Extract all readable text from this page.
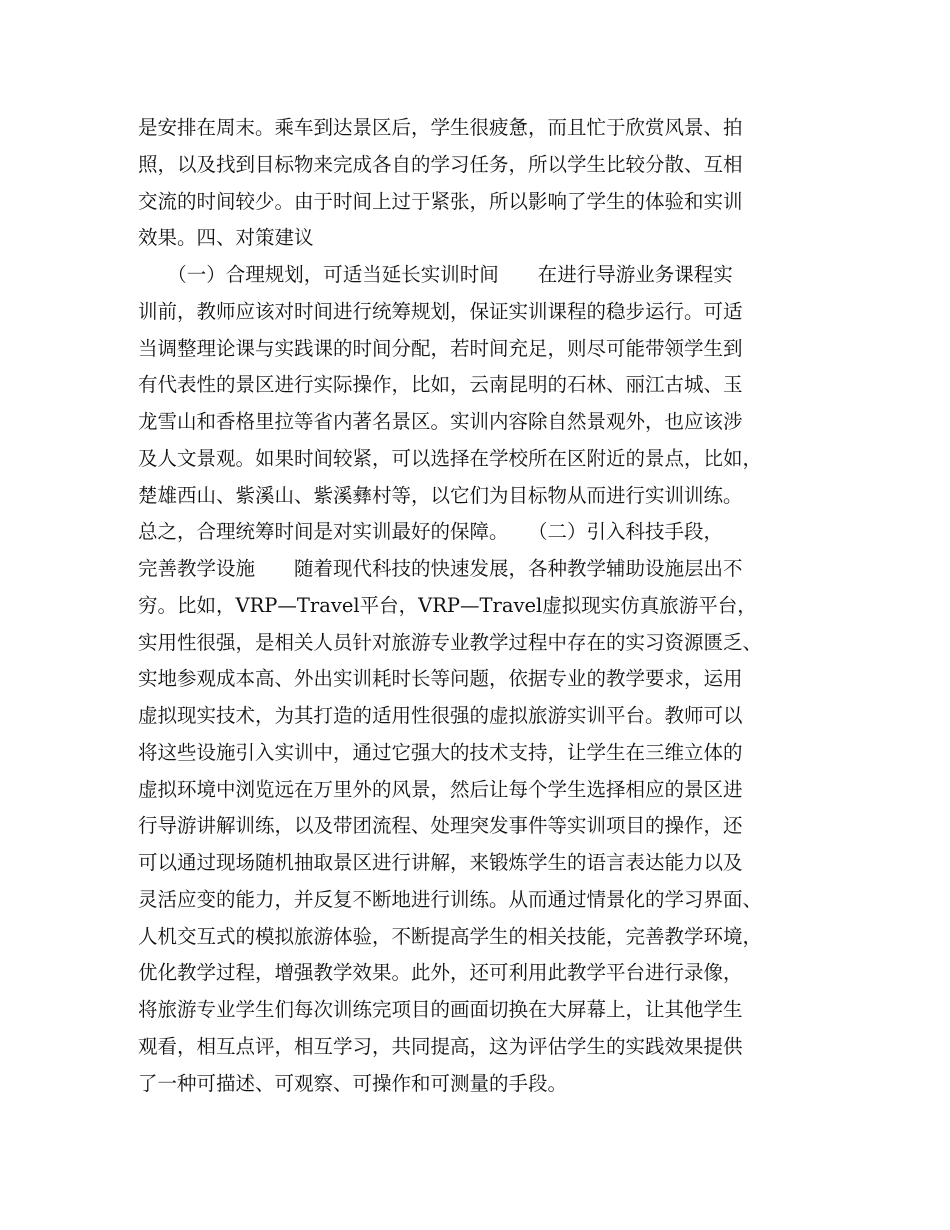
是安排在周末。乘车到达景区后，学生很疲惫，而且忙于欣赏风景、拍

照，以及找到目标物来完成各自的学习任务，所以学生比较分散、互相

交流的时间较少。由于时间上过于紧张，所以影响了学生的体验和实训

效果。四、对策建议

　　（一）合理规划，可适当延长实训时间　　在进行导游业务课程实

训前，教师应该对时间进行统筹规划，保证实训课程的稳步运行。可适

当调整理论课与实践课的时间分配，若时间充足，则尽可能带领学生到

有代表性的景区进行实际操作，比如，云南昆明的石林、丽江古城、玉

龙雪山和香格里拉等省内著名景区。实训内容除自然景观外，也应该涉

及人文景观。如果时间较紧，可以选择在学校所在区附近的景点，比如，

楚雄西山、紫溪山、紫溪彝村等，以它们为目标物从而进行实训训练。

总之，合理统筹时间是对实训最好的保障。　　（二）引入科技手段，

完善教学设施　　随着现代科技的快速发展，各种教学辅助设施层出不

穷。比如，VRP—Travel平台，VRP—Travel虚拟现实仿真旅游平台，

实用性很强，是相关人员针对旅游专业教学过程中存在的实习资源匮乏、

实地参观成本高、外出实训耗时长等问题，依据专业的教学要求，运用

虚拟现实技术，为其打造的适用性很强的虚拟旅游实训平台。教师可以

将这些设施引入实训中，通过它强大的技术支持，让学生在三维立体的

虚拟环境中浏览远在万里外的风景，然后让每个学生选择相应的景区进

行导游讲解训练，以及带团流程、处理突发事件等实训项目的操作，还

可以通过现场随机抽取景区进行讲解，来锻炼学生的语言表达能力以及

灵活应变的能力，并反复不断地进行训练。从而通过情景化的学习界面、

人机交互式的模拟旅游体验，不断提高学生的相关技能，完善教学环境，

优化教学过程，增强教学效果。此外，还可利用此教学平台进行录像，

将旅游专业学生们每次训练完项目的画面切换在大屏幕上，让其他学生

观看，相互点评，相互学习，共同提高，这为评估学生的实践效果提供

了一种可描述、可观察、可操作和可测量的手段。
